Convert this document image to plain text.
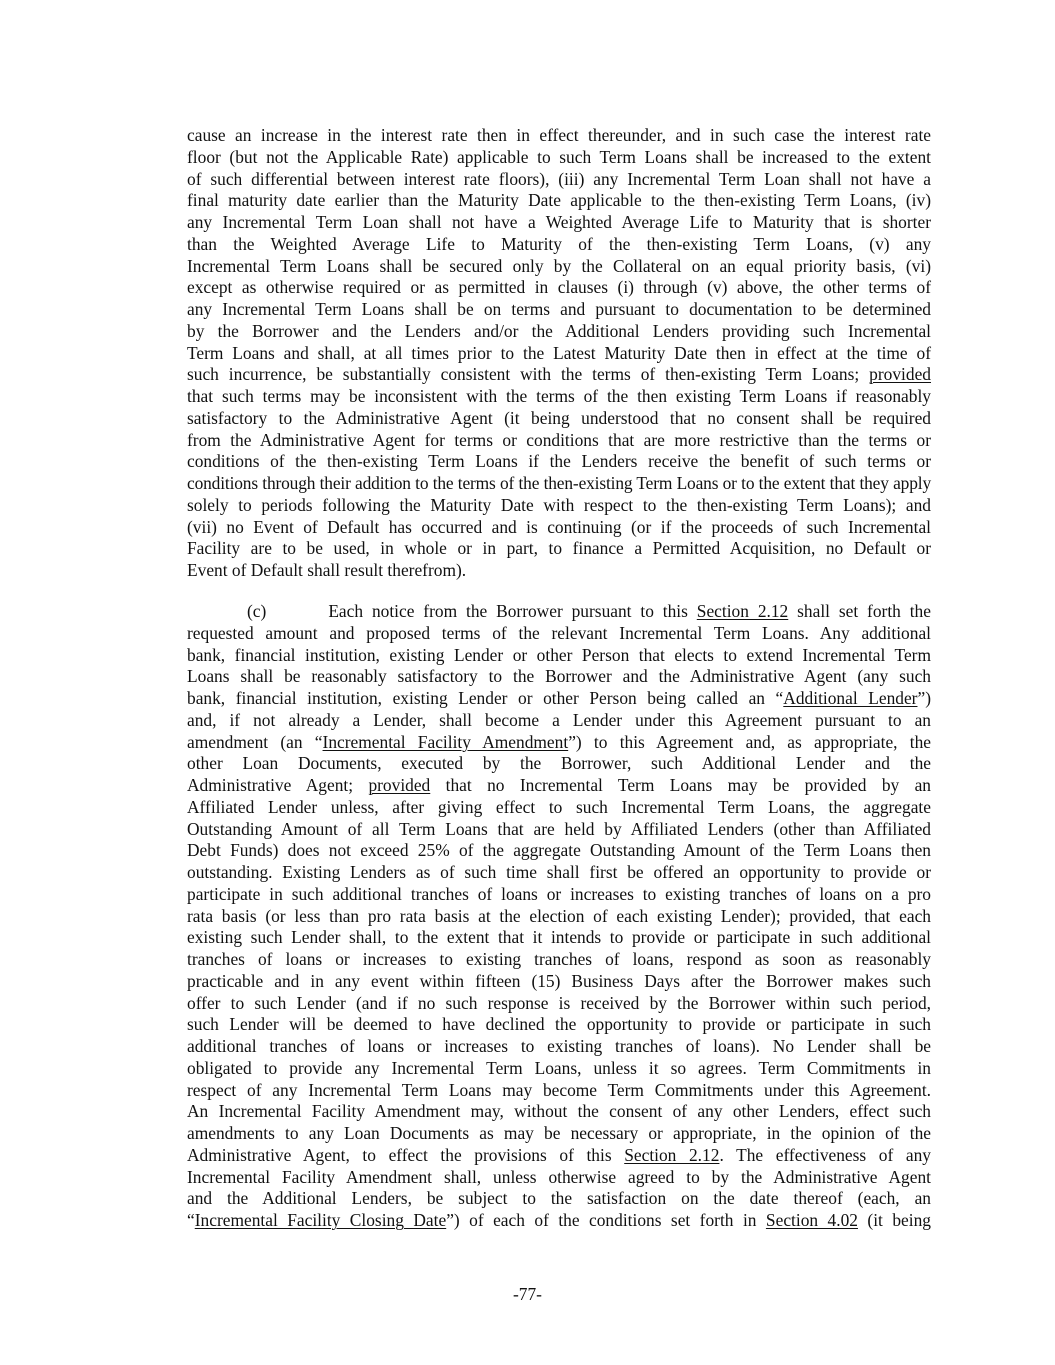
cause an increase in the interest rate then in effect thereunder, and in such case the interest rate
floor (but not the Applicable Rate) applicable to such Term Loans shall be increased to the extent
of such differential between interest rate floors), (iii) any Incremental Term Loan shall not have a
final maturity date earlier than the Maturity Date applicable to the then-existing Term Loans, (iv)
any Incremental Term Loan shall not have a Weighted Average Life to Maturity that is shorter
than the Weighted Average Life to Maturity of the then-existing Term Loans, (v) any
Incremental Term Loans shall be secured only by the Collateral on an equal priority basis, (vi)
except as otherwise required or as permitted in clauses (i) through (v) above, the other terms of
any Incremental Term Loans shall be on terms and pursuant to documentation to be determined
by the Borrower and the Lenders and/or the Additional Lenders providing such Incremental
Term Loans and shall, at all times prior to the Latest Maturity Date then in effect at the time of
such incurrence, be substantially consistent with the terms of then-existing Term Loans; provided
that such terms may be inconsistent with the terms of the then existing Term Loans if reasonably
satisfactory to the Administrative Agent (it being understood that no consent shall be required
from the Administrative Agent for terms or conditions that are more restrictive than the terms or
conditions of the then-existing Term Loans if the Lenders receive the benefit of such terms or
conditions through their addition to the terms of the then-existing Term Loans or to the extent that they apply
solely to periods following the Maturity Date with respect to the then-existing Term Loans); and
(vii) no Event of Default has occurred and is continuing (or if the proceeds of such Incremental
Facility are to be used, in whole or in part, to finance a Permitted Acquisition, no Default or
Event of Default shall result therefrom).
(c)	Each notice from the Borrower pursuant to this Section 2.12 shall set forth the
requested amount and proposed terms of the relevant Incremental Term Loans. Any additional
bank, financial institution, existing Lender or other Person that elects to extend Incremental Term
Loans shall be reasonably satisfactory to the Borrower and the Administrative Agent (any such
bank, financial institution, existing Lender or other Person being called an “Additional Lender”)
and, if not already a Lender, shall become a Lender under this Agreement pursuant to an
amendment (an “Incremental Facility Amendment”) to this Agreement and, as appropriate, the
other Loan Documents, executed by the Borrower, such Additional Lender and the
Administrative Agent; provided that no Incremental Term Loans may be provided by an
Affiliated Lender unless, after giving effect to such Incremental Term Loans, the aggregate
Outstanding Amount of all Term Loans that are held by Affiliated Lenders (other than Affiliated
Debt Funds) does not exceed 25% of the aggregate Outstanding Amount of the Term Loans then
outstanding. Existing Lenders as of such time shall first be offered an opportunity to provide or
participate in such additional tranches of loans or increases to existing tranches of loans on a pro
rata basis (or less than pro rata basis at the election of each existing Lender); provided, that each
existing such Lender shall, to the extent that it intends to provide or participate in such additional
tranches of loans or increases to existing tranches of loans, respond as soon as reasonably
practicable and in any event within fifteen (15) Business Days after the Borrower makes such
offer to such Lender (and if no such response is received by the Borrower within such period,
such Lender will be deemed to have declined the opportunity to provide or participate in such
additional tranches of loans or increases to existing tranches of loans). No Lender shall be
obligated to provide any Incremental Term Loans, unless it so agrees. Term Commitments in
respect of any Incremental Term Loans may become Term Commitments under this Agreement.
An Incremental Facility Amendment may, without the consent of any other Lenders, effect such
amendments to any Loan Documents as may be necessary or appropriate, in the opinion of the
Administrative Agent, to effect the provisions of this Section 2.12. The effectiveness of any
Incremental Facility Amendment shall, unless otherwise agreed to by the Administrative Agent
and the Additional Lenders, be subject to the satisfaction on the date thereof (each, an
“Incremental Facility Closing Date”) of each of the conditions set forth in Section 4.02 (it being
-77-
